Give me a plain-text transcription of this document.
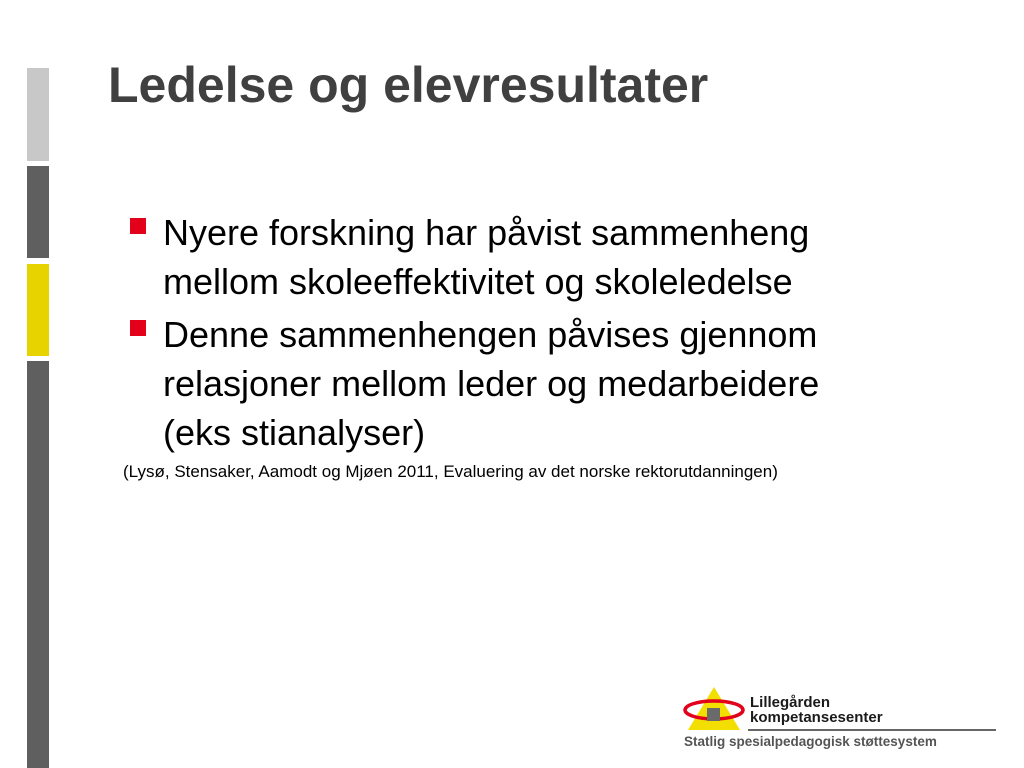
Ledelse og elevresultater
Nyere forskning har påvist sammenheng
mellom skoleeffektivitet og skoleledelse
Denne sammenhengen påvises gjennom
relasjoner mellom leder og medarbeidere
(eks stianalyser)
(Lysø, Stensaker, Aamodt og Mjøen 2011, Evaluering av det norske rektorutdanningen)
Lillegården
kompetansesenter
Statlig spesialpedagogisk støttesystem
